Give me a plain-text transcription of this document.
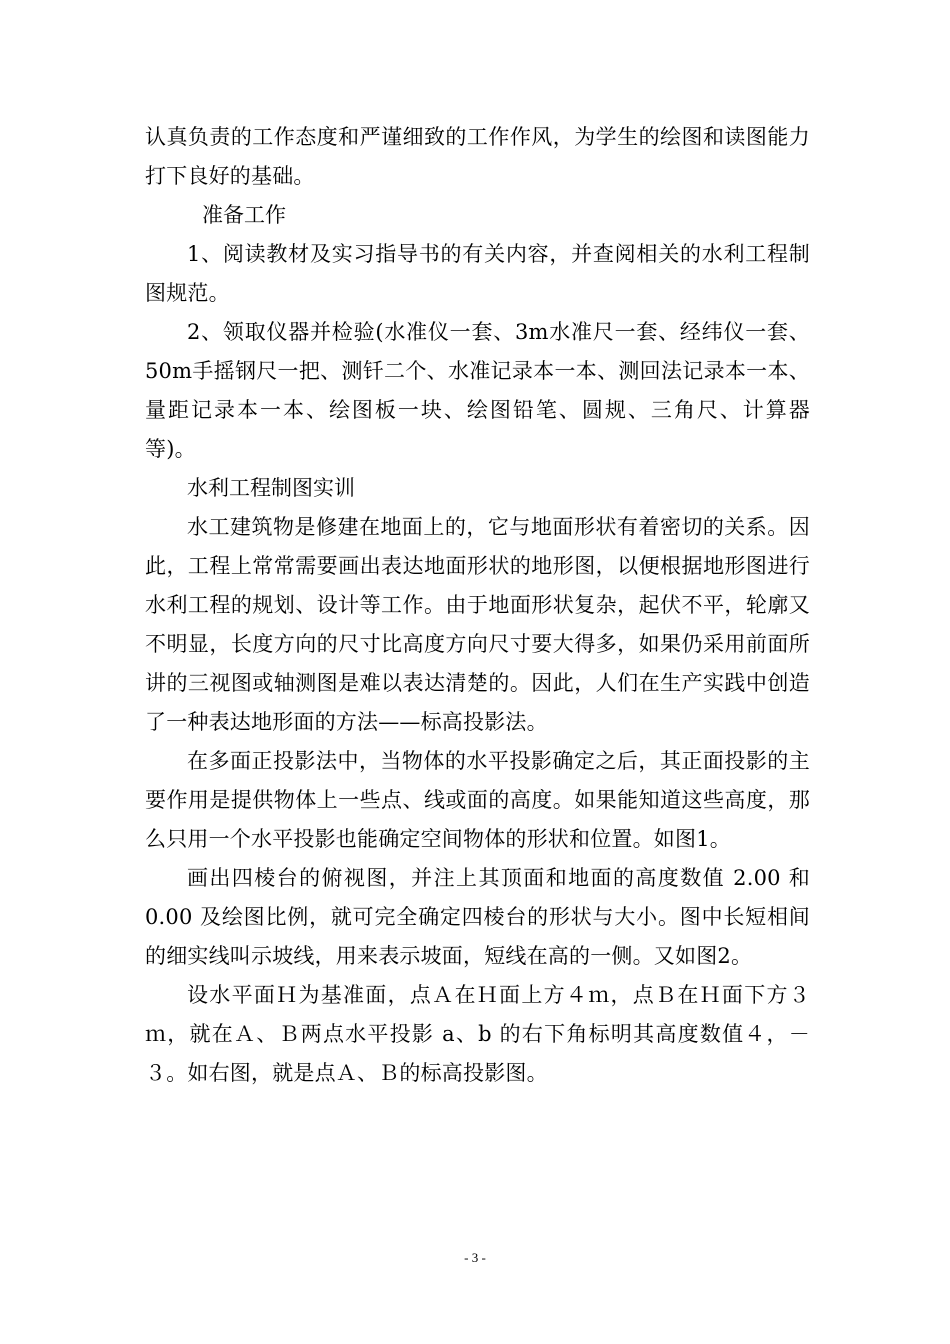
认真负责的工作态度和严谨细致的工作作风，为学生的绘图和读图能力打下良好的基础。

准备工作

1、阅读教材及实习指导书的有关内容，并查阅相关的水利工程制图规范。

2、领取仪器并检验(水准仪一套、3m水准尺一套、经纬仪一套、50m手摇钢尺一把、测钎二个、水准记录本一本、测回法记录本一本、量距记录本一本、绘图板一块、绘图铅笔、圆规、三角尺、计算器等)。

水利工程制图实训

水工建筑物是修建在地面上的，它与地面形状有着密切的关系。因此，工程上常常需要画出表达地面形状的地形图，以便根据地形图进行水利工程的规划、设计等工作。由于地面形状复杂，起伏不平，轮廓又不明显，长度方向的尺寸比高度方向尺寸要大得多，如果仍采用前面所讲的三视图或轴测图是难以表达清楚的。因此，人们在生产实践中创造了一种表达地形面的方法——标高投影法。

在多面正投影法中，当物体的水平投影确定之后，其正面投影的主要作用是提供物体上一些点、线或面的高度。如果能知道这些高度，那么只用一个水平投影也能确定空间物体的形状和位置。如图1。

画出四棱台的俯视图，并注上其顶面和地面的高度数值 2.00 和 0.00 及绘图比例，就可完全确定四棱台的形状与大小。图中长短相间的细实线叫示坡线，用来表示坡面，短线在高的一侧。又如图2。

设水平面Ｈ为基准面，点Ａ在Ｈ面上方４ｍ，点Ｂ在Ｈ面下方３ｍ，就在Ａ、Ｂ两点水平投影 a、b 的右下角标明其高度数值４，－３。如右图，就是点Ａ、Ｂ的标高投影图。

- 3 -
